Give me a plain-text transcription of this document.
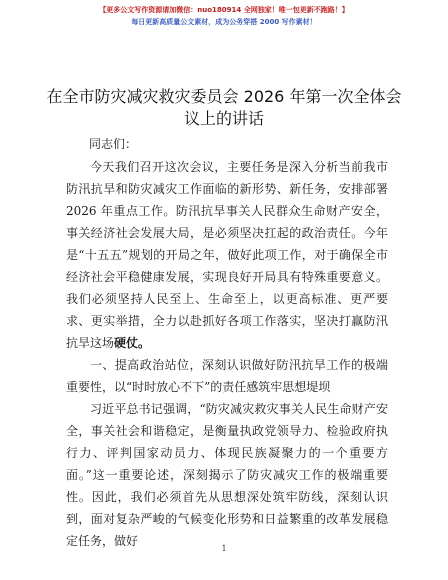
【更多公文写作资源请加微信：nuo180914 全网独家！唯一包更新不跑路！】
每日更新高质量公文素材，成为公务穿搭 2000 写作素材！
在全市防灾减灾救灾委员会 2026 年第一次全体会议上的讲话
同志们：

今天我们召开这次会议，主要任务是深入分析当前我市防汛抗旱和防灾减灾工作面临的新形势、新任务，安排部署 2026 年重点工作。防汛抗旱事关人民群众生命财产安全，事关经济社会发展大局，是必须坚决扛起的政治责任。今年是“十五五”规划的开局之年，做好此项工作，对于确保全市经济社会平稳健康发展，实现良好开局具有特殊重要意义。我们必须坚持人民至上、生命至上，以更高标准、更严要求、更实举措，全力以赴抓好各项工作落实，坚决打赢防汛抗旱这场硬仗。

一、提高政治站位，深刻认识做好防汛抗旱工作的极端重要性，以“时时放心不下”的责任感筑牢思想堤坝

习近平总书记强调，“防灾减灾救灾事关人民生命财产安全，事关社会和谐稳定，是衡量执政党领导力、检验政府执行力、评判国家动员力、体现民族凝聚力的一个重要方面。”这一重要论述，深刻揭示了防灾减灾工作的极端重要性。因此，我们必须首先从思想深处筑牢防线，深刻认识到，面对复杂严峻的气候变化形势和日益繁重的改革发展稳定任务，做好

1
